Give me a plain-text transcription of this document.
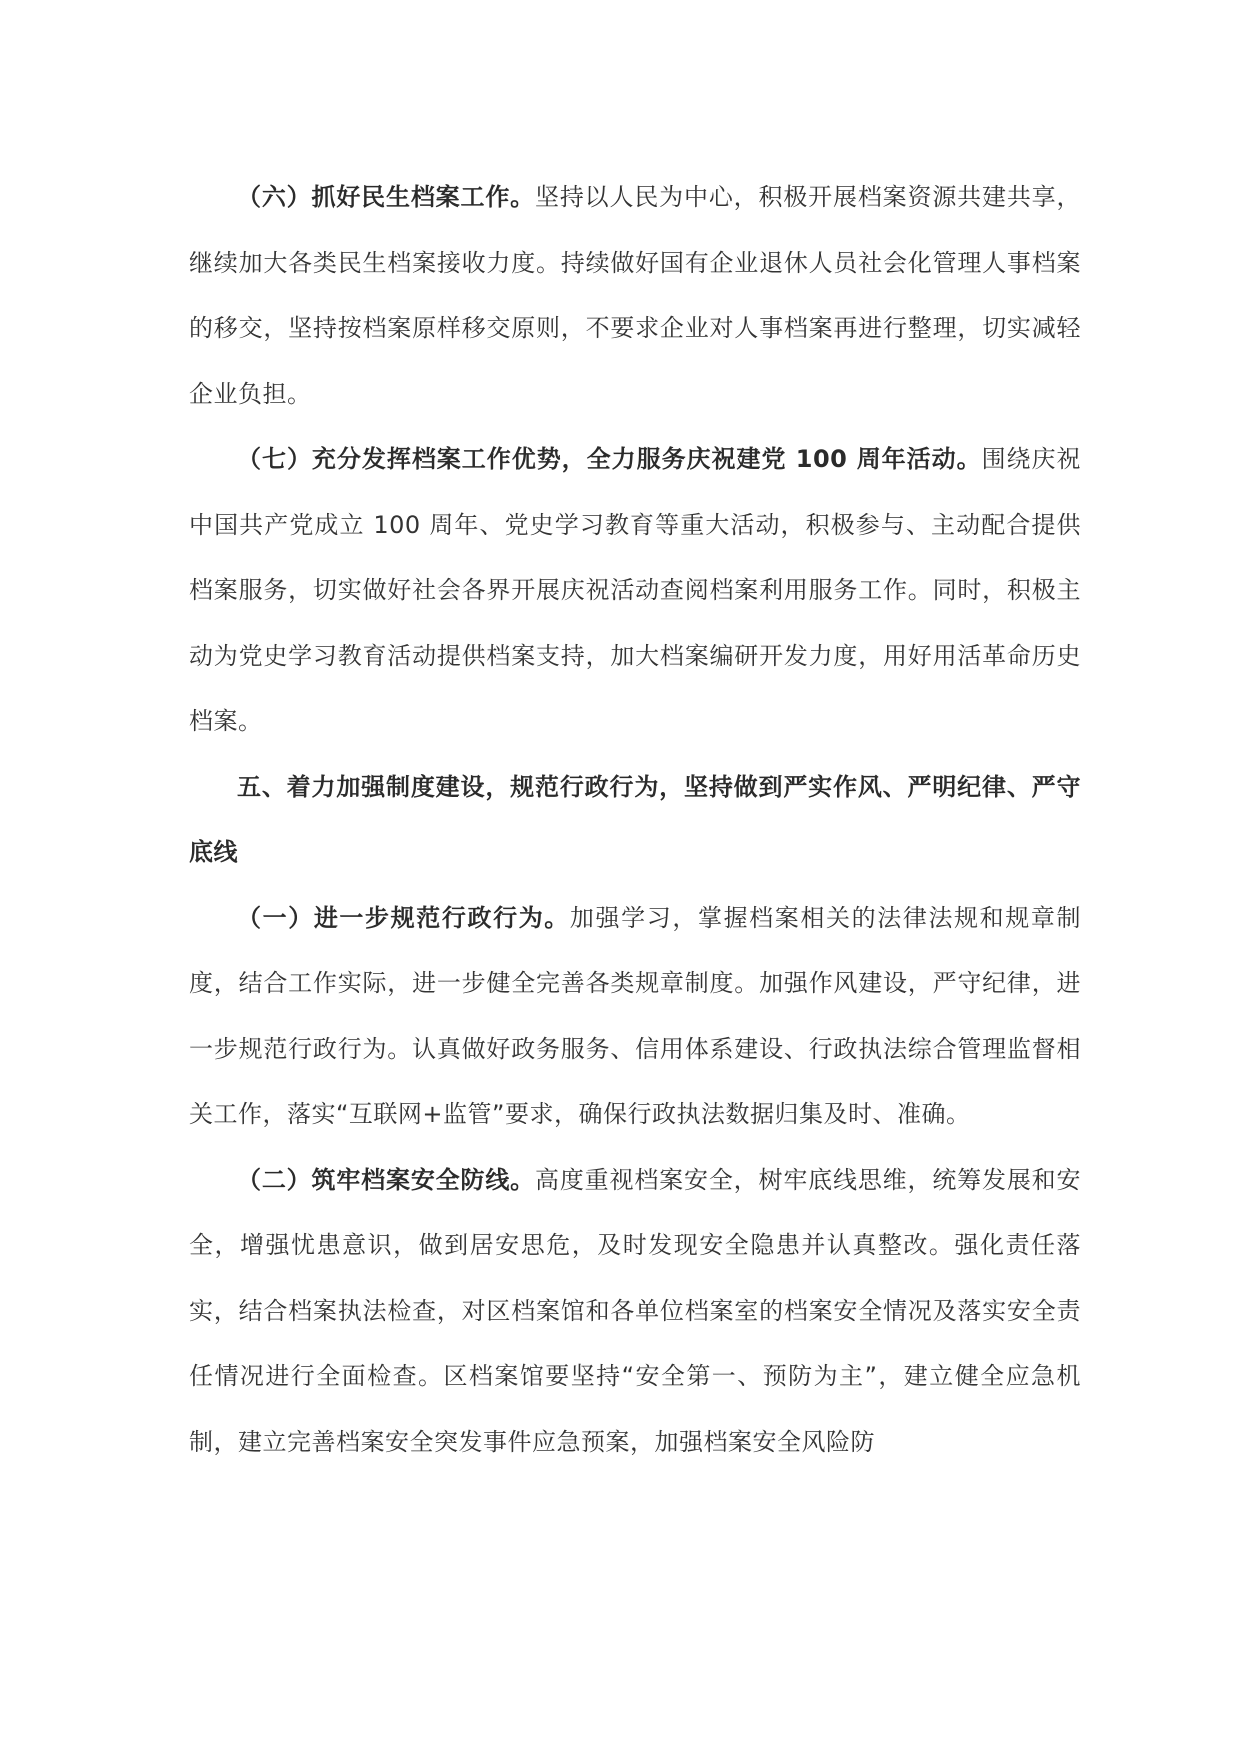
（六）抓好民生档案工作。坚持以人民为中心，积极开展档案资源共建共享，继续加大各类民生档案接收力度。持续做好国有企业退休人员社会化管理人事档案的移交，坚持按档案原样移交原则，不要求企业对人事档案再进行整理，切实减轻企业负担。

（七）充分发挥档案工作优势，全力服务庆祝建党 100 周年活动。围绕庆祝中国共产党成立 100 周年、党史学习教育等重大活动，积极参与、主动配合提供档案服务，切实做好社会各界开展庆祝活动查阅档案利用服务工作。同时，积极主动为党史学习教育活动提供档案支持，加大档案编研开发力度，用好用活革命历史档案。

五、着力加强制度建设，规范行政行为，坚持做到严实作风、严明纪律、严守底线

（一）进一步规范行政行为。加强学习，掌握档案相关的法律法规和规章制度，结合工作实际，进一步健全完善各类规章制度。加强作风建设，严守纪律，进一步规范行政行为。认真做好政务服务、信用体系建设、行政执法综合管理监督相关工作，落实“互联网+监管”要求，确保行政执法数据归集及时、准确。

（二）筑牢档案安全防线。高度重视档案安全，树牢底线思维，统筹发展和安全，增强忧患意识，做到居安思危，及时发现安全隐患并认真整改。强化责任落实，结合档案执法检查，对区档案馆和各单位档案室的档案安全情况及落实安全责任情况进行全面检查。区档案馆要坚持“安全第一、预防为主”，建立健全应急机制，建立完善档案安全突发事件应急预案，加强档案安全风险防
